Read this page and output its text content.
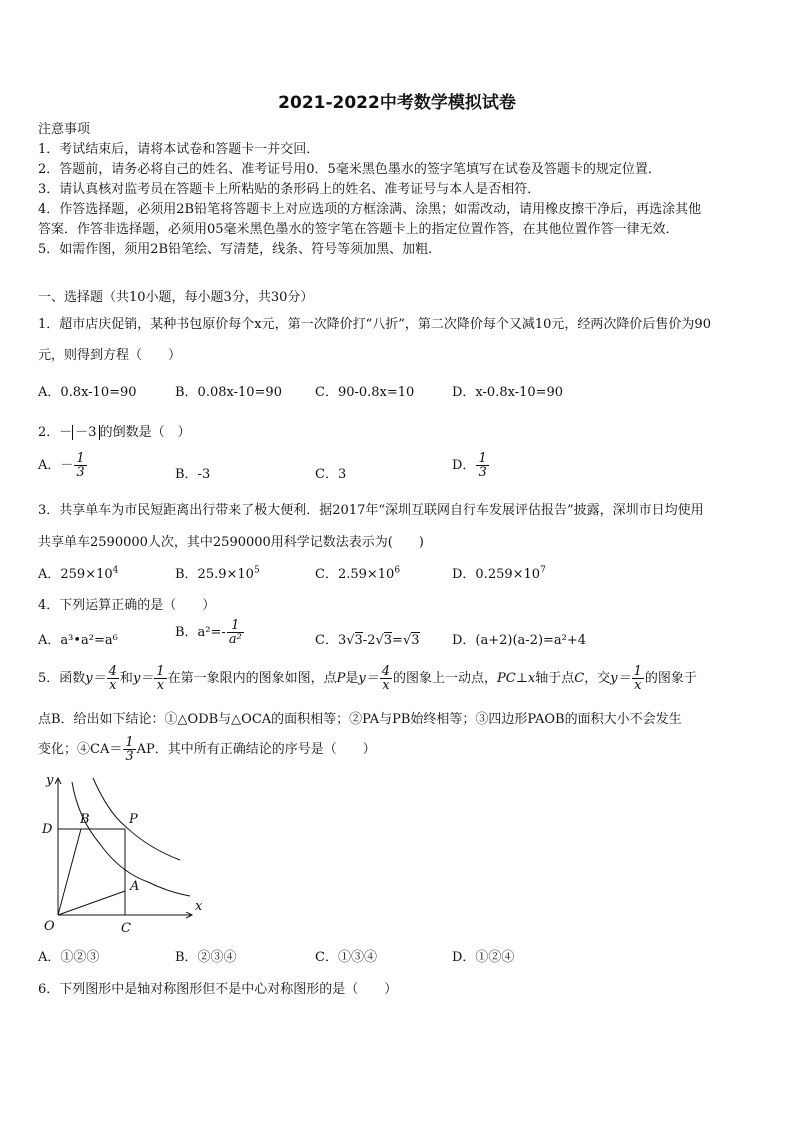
2021-2022中考数学模拟试卷
注意事项
1．考试结束后，请将本试卷和答题卡一并交回．
2．答题前，请务必将自己的姓名、准考证号用0．5毫米黑色墨水的签字笔填写在试卷及答题卡的规定位置．
3．请认真核对监考员在答题卡上所粘贴的条形码上的姓名、准考证号与本人是否相符．
4．作答选择题，必须用2B铅笔将答题卡上对应选项的方框涂满、涂黑；如需改动，请用橡皮擦干净后，再选涂其他
答案．作答非选择题，必须用05毫米黑色墨水的签字笔在答题卡上的指定位置作答，在其他位置作答一律无效．
5．如需作图，须用2B铅笔绘、写清楚，线条、符号等须加黑、加粗．
一、选择题（共10小题，每小题3分，共30分）
1．超市店庆促销，某种书包原价每个x元，第一次降价打“八折”，第二次降价每个又减10元，经两次降价后售价为90
元，则得到方程（　　）
A．0.8x-10=90	B．0.08x-10=90	C．90-0.8x=10	D．x-0.8x-10=90
2．－ －3 的倒数是（　）
A．－ $\frac{1}{3}$	B．-3	C．3
D． $\frac{1}{3}$
3．共享单车为市民短距离出行带来了极大便利．据2017年“深圳互联网自行车发展评估报告”披露，深圳市日均使用
共享单车2590000人次，其中2590000用科学记数法表示为(　　)
A．$259\times 10^4$	B．$25.9\times 10^5$	C．$2.59\times 10^6$	D．$0.259\times 10^7$
4．下列运算正确的是（　　）
A．a³•a²=a⁶
B．$a^2=- \frac{1}{\text{a²}}$	C．3√3-2√3=√3 D．(a+2)(a-2)=a²+4
5．函数$y= \frac{4}{x}$ 和$y= \frac{1}{x}$ 在第一象限内的图象如图，点P是$y= \frac{4}{x}$ 的图象上一动点，PC⊥x轴于点C，交$y= \frac{1}{x}$ 的图象于
点B．给出如下结论：①△ODB与△OCA的面积相等；②PA与PB始终相等；③四边形PAOB的面积大小不会发生
变化；④CA＝ $\frac{1}{3}$ AP．其中所有正确结论的序号是（　　）
y
x
O
D
B	P
A
C
A．①②③	B．②③④	C．①③④	D．①②④
6．下列图形中是轴对称图形但不是中心对称图形的是（　　）
